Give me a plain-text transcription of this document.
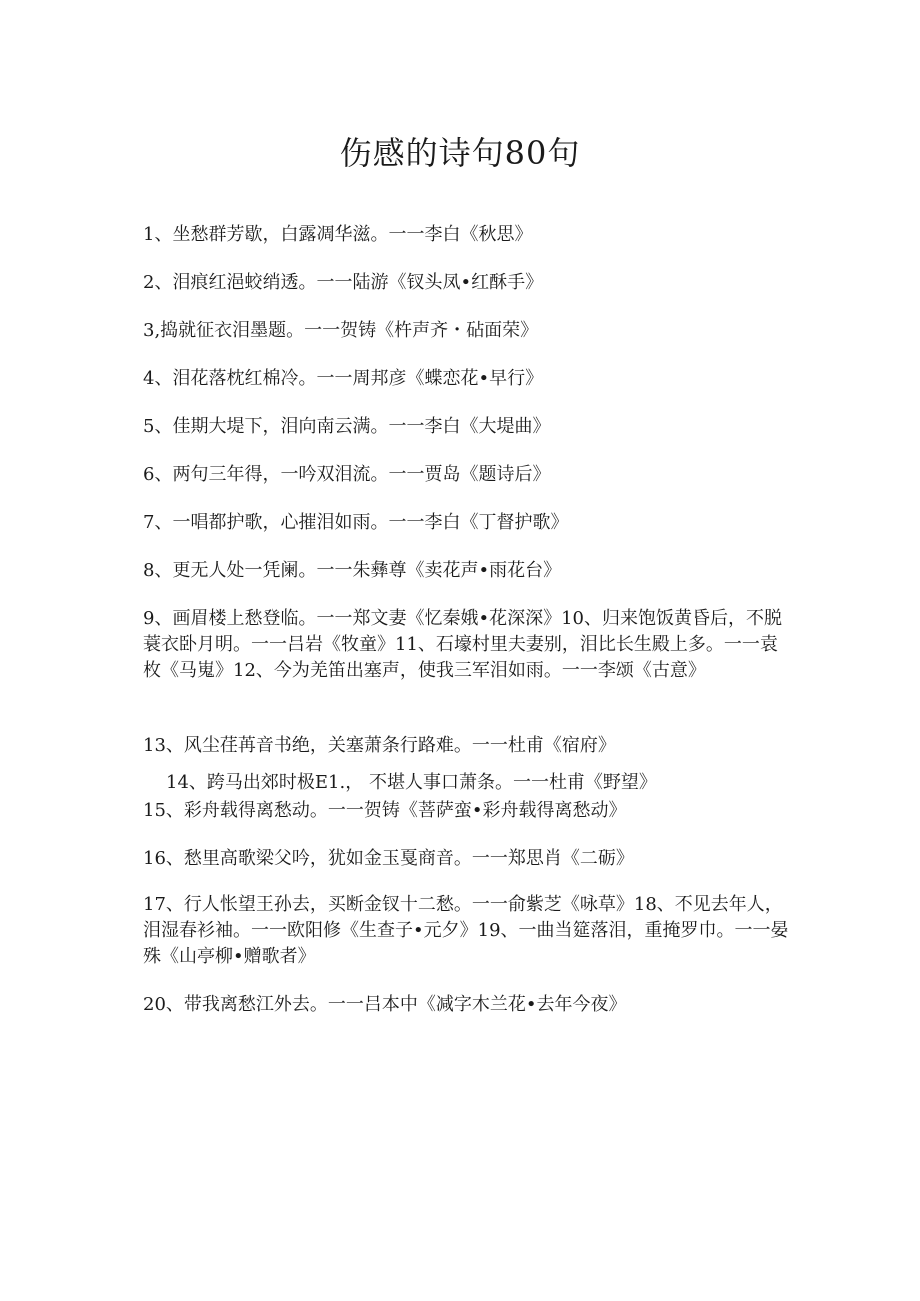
伤感的诗句80句
1、坐愁群芳歇，白露凋华滋。一一李白《秋思》
2、泪痕红浥蛟绡透。一一陆游《钗头凤•红酥手》
3,捣就征衣泪墨题。一一贺铸《杵声齐・砧面荣》
4、泪花落枕红棉冷。一一周邦彦《蝶恋花•早行》
5、佳期大堤下，泪向南云满。一一李白《大堤曲》
6、两句三年得，一吟双泪流。一一贾岛《题诗后》
7、一唱都护歌，心摧泪如雨。一一李白《丁督护歌》
8、更无人处一凭阑。一一朱彝尊《卖花声•雨花台》
9、画眉楼上愁登临。一一郑文妻《忆秦娥•花深深》10、归来饱饭黄昏后，不脱蓑衣卧月明。一一吕岩《牧童》11、石壕村里夫妻别，泪比长生殿上多。一一袁枚《马嵬》12、今为羌笛出塞声，使我三军泪如雨。一一李颂《古意》
13、风尘荏苒音书绝，关塞萧条行路难。一一杜甫《宿府》
14、跨马出郊时极E1.， 不堪人事口萧条。一一杜甫《野望》
15、彩舟载得离愁动。一一贺铸《菩萨蛮•彩舟载得离愁动》
16、愁里高歌梁父吟，犹如金玉戛商音。一一郑思肖《二砺》
17、行人怅望王孙去，买断金钗十二愁。一一俞紫芝《咏草》18、不见去年人，泪湿春衫袖。一一欧阳修《生查子•元夕》19、一曲当筵落泪，重掩罗巾。一一晏殊《山亭柳•赠歌者》
20、带我离愁江外去。一一吕本中《减字木兰花•去年今夜》
